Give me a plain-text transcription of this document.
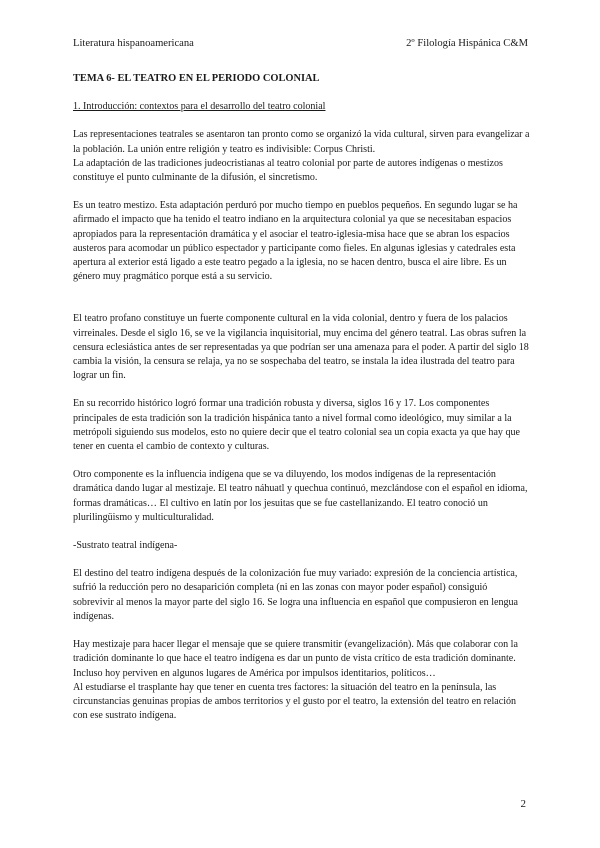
Literatura hispanoamericana	2º Filología Hispánica C&M

TEMA 6- EL TEATRO EN EL PERIODO COLONIAL

1. Introducción: contextos para el desarrollo del teatro colonial

Las representaciones teatrales se asentaron tan pronto como se organizó la vida cultural, sirven para evangelizar a la población. La unión entre religión y teatro es indivisible: Corpus Christi.

La adaptación de las tradiciones judeocristianas al teatro colonial por parte de autores indígenas o mestizos constituye el punto culminante de la difusión, el sincretismo.

Es un teatro mestizo. Esta adaptación perduró por mucho tiempo en pueblos pequeños. En segundo lugar se ha afirmado el impacto que ha tenido el teatro indiano en la arquitectura colonial ya que se necesitaban espacios apropiados para la representación dramática y el asociar el teatro-iglesia-misa hace que se abran los espacios austeros para acomodar un público espectador y participante como fieles. En algunas iglesias y catedrales esta apertura al exterior está ligado a este teatro pegado a la iglesia, no se hacen dentro, busca el aire libre. Es un género muy pragmático porque está a su servicio.

El teatro profano constituye un fuerte componente cultural en la vida colonial, dentro y fuera de los palacios virreinales. Desde el siglo 16, se ve la vigilancia inquisitorial, muy encima del género teatral. Las obras sufren la censura eclesiástica antes de ser representadas ya que podrían ser una amenaza para el poder. A partir del siglo 18 cambia la visión, la censura se relaja, ya no se sospechaba del teatro, se instala la idea ilustrada del teatro para lograr un fin.

En su recorrido histórico logró formar una tradición robusta y diversa, siglos 16 y 17. Los componentes principales de esta tradición son la tradición hispánica tanto a nivel formal como ideológico, muy similar a la metrópoli siguiendo sus modelos, esto no quiere decir que el teatro colonial sea un copia exacta ya que hay que tener en cuenta el cambio de contexto y culturas.

Otro componente es la influencia indígena que se va diluyendo, los modos indígenas de la representación dramática dando lugar al mestizaje. El teatro náhuatl y quechua continuó, mezclándose con el español en idioma, formas dramáticas… El cultivo en latín por los jesuitas que se fue castellanizando. El teatro conoció un plurilingüismo y multiculturalidad.

-Sustrato teatral indígena-

El destino del teatro indígena después de la colonización fue muy variado: expresión de la conciencia artística, sufrió la reducción pero no desaparición completa (ni en las zonas con mayor poder español) consiguió sobrevivir al menos la mayor parte del siglo 16. Se logra una influencia en español que compusieron en lengua indígenas.

Hay mestizaje para hacer llegar el mensaje que se quiere transmitir (evangelización). Más que colaborar con la tradición dominante lo que hace el teatro indígena es dar un punto de vista crítico de esta tradición dominante. Incluso hoy perviven en algunos lugares de América por impulsos identitarios, políticos…

Al estudiarse el trasplante hay que tener en cuenta tres factores: la situación del teatro en la península, las circunstancias genuinas propias de ambos territorios y el gusto por el teatro, la extensión del teatro en relación con ese sustrato indígena.

2
